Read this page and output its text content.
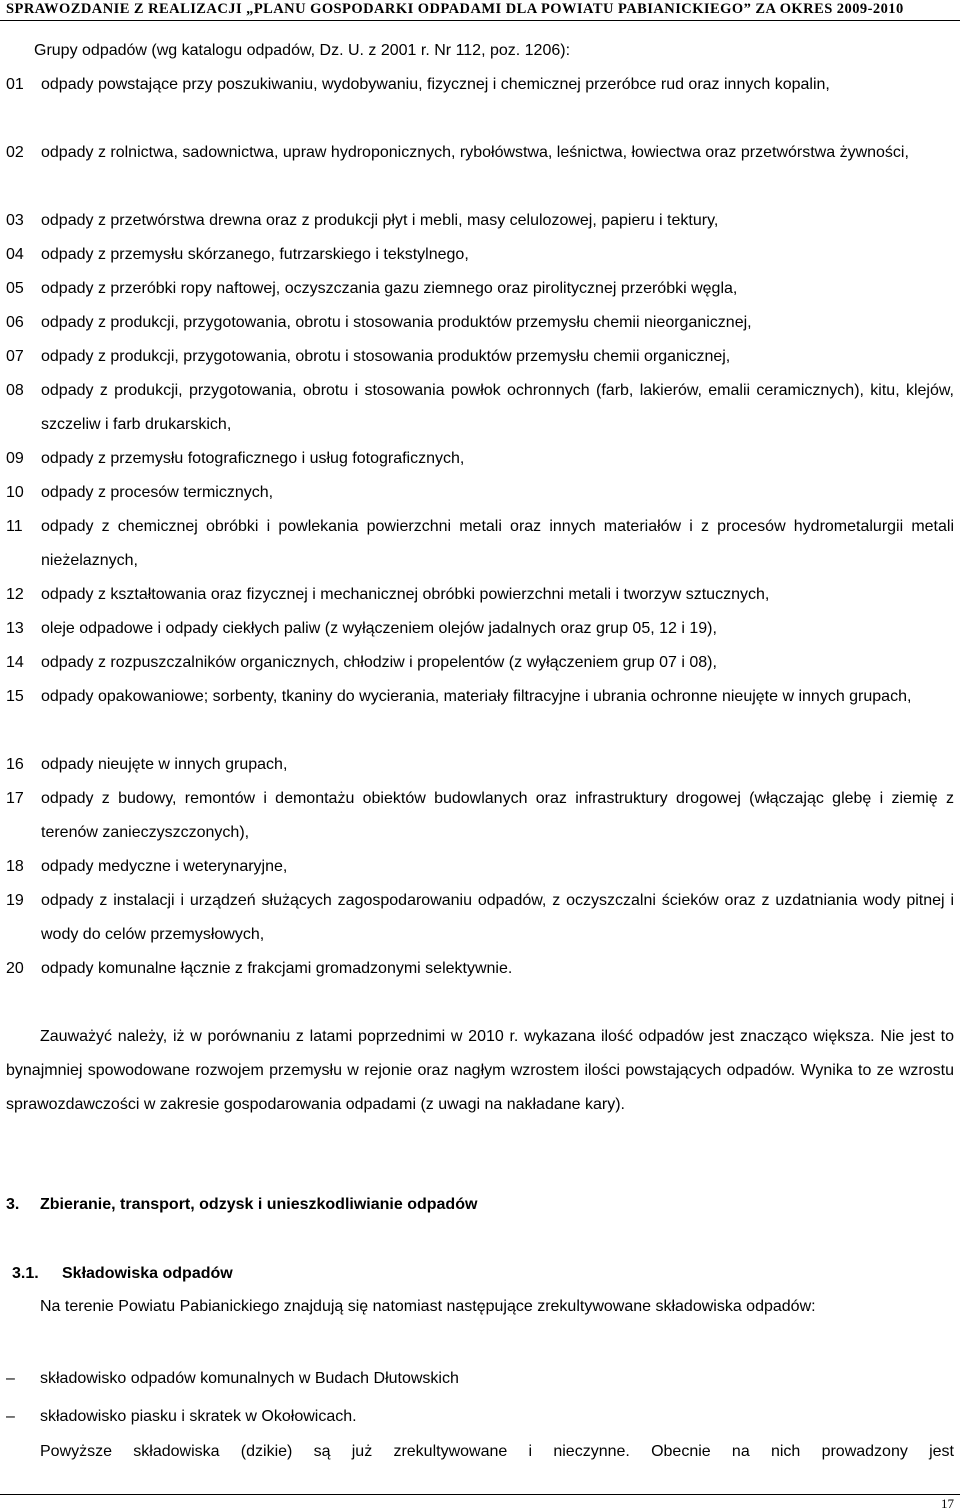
SPRAWOZDANIE Z REALIZACJI „PLANU GOSPODARKI ODPADAMI DLA POWIATU PABIANICKIEGO” ZA OKRES 2009-2010
Grupy odpadów (wg katalogu odpadów, Dz. U. z 2001 r. Nr 112, poz. 1206):
01 odpady powstające przy poszukiwaniu, wydobywaniu, fizycznej i chemicznej przeróbce rud oraz innych kopalin,
02 odpady z rolnictwa, sadownictwa, upraw hydroponicznych, rybołówstwa, leśnictwa, łowiectwa oraz przetwórstwa żywności,
03 odpady z przetwórstwa drewna oraz z produkcji płyt i mebli, masy celulozowej, papieru i tektury,
04 odpady z przemysłu skórzanego, futrzarskiego i tekstylnego,
05 odpady z przeróbki ropy naftowej, oczyszczania gazu ziemnego oraz pirolitycznej przeróbki węgla,
06 odpady z produkcji, przygotowania, obrotu i stosowania produktów przemysłu chemii nieorganicznej,
07 odpady z produkcji, przygotowania, obrotu i stosowania produktów przemysłu chemii organicznej,
08 odpady z produkcji, przygotowania, obrotu i stosowania powłok ochronnych (farb, lakierów, emalii ceramicznych), kitu, klejów, szczeliw i farb drukarskich,
09 odpady z przemysłu fotograficznego i usług fotograficznych,
10 odpady z procesów termicznych,
11 odpady z chemicznej obróbki i powlekania powierzchni metali oraz innych materiałów i z procesów hydrometalurgii metali nieżelaznych,
12 odpady z kształtowania oraz fizycznej i mechanicznej obróbki powierzchni metali i tworzyw sztucznych,
13 oleje odpadowe i odpady ciekłych paliw (z wyłączeniem olejów jadalnych oraz grup 05, 12 i 19),
14 odpady z rozpuszczalników organicznych, chłodziw i propelentów (z wyłączeniem grup 07 i 08),
15 odpady opakowaniowe; sorbenty, tkaniny do wycierania, materiały filtracyjne i ubrania ochronne nieujęte w innych grupach,
16 odpady nieujęte w innych grupach,
17 odpady z budowy, remontów i demontażu obiektów budowlanych oraz infrastruktury drogowej (włączając glebę i ziemię z terenów zanieczyszczonych),
18 odpady medyczne i weterynaryjne,
19 odpady z instalacji i urządzeń służących zagospodarowaniu odpadów, z oczyszczalni ścieków oraz z uzdatniania wody pitnej i wody do celów przemysłowych,
20 odpady komunalne łącznie z frakcjami gromadzonymi selektywnie.
Zauważyć należy, iż w porównaniu z latami poprzednimi w 2010 r. wykazana ilość odpadów jest znacząco większa. Nie jest to bynajmniej spowodowane rozwojem przemysłu w rejonie oraz nagłym wzrostem ilości powstających odpadów. Wynika to ze wzrostu sprawozdawczości w zakresie gospodarowania odpadami (z uwagi na nakładane kary).
3. Zbieranie, transport, odzysk i unieszkodliwianie odpadów
3.1. Składowiska odpadów
Na terenie Powiatu Pabianickiego znajdują się natomiast następujące zrekultywowane składowiska odpadów:
– składowisko odpadów komunalnych w Budach Dłutowskich
– składowisko piasku i skratek w Okołowicach.
Powyższe składowiska (dzikie) są już zrekultywowane i nieczynne. Obecnie na nich prowadzony jest
17
